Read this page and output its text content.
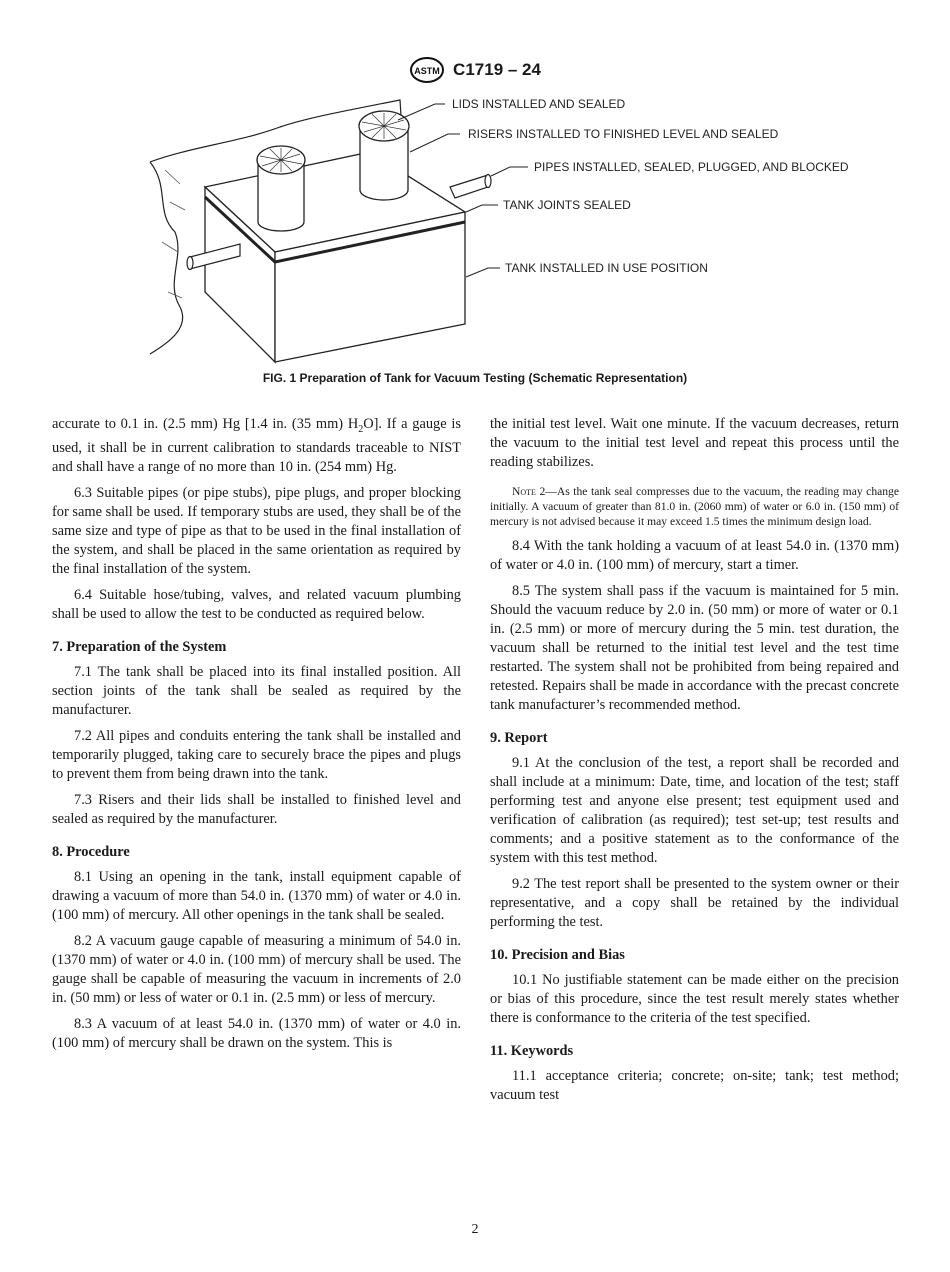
ASTM C1719 – 24
LIDS INSTALLED AND SEALED
RISERS INSTALLED TO FINISHED LEVEL AND SEALED
PIPES INSTALLED, SEALED, PLUGGED, AND BLOCKED
TANK JOINTS SEALED
TANK INSTALLED IN USE POSITION
FIG. 1 Preparation of Tank for Vacuum Testing (Schematic Representation)

accurate to 0.1 in. (2.5 mm) Hg [1.4 in. (35 mm) $H_2O$]. If a gauge is used, it shall be in current calibration to standards traceable to NIST and shall have a range of no more than 10 in. (254 mm) Hg.

6.3 Suitable pipes (or pipe stubs), pipe plugs, and proper blocking for same shall be used. If temporary stubs are used, they shall be of the same size and type of pipe as that to be used in the final installation of the system, and shall be placed in the same orientation as required by the final installation of the system.

6.4 Suitable hose/tubing, valves, and related vacuum plumbing shall be used to allow the test to be conducted as required below.

7. Preparation of the System

7.1 The tank shall be placed into its final installed position. All section joints of the tank shall be sealed as required by the manufacturer.

7.2 All pipes and conduits entering the tank shall be installed and temporarily plugged, taking care to securely brace the pipes and plugs to prevent them from being drawn into the tank.

7.3 Risers and their lids shall be installed to finished level and sealed as required by the manufacturer.

8. Procedure

8.1 Using an opening in the tank, install equipment capable of drawing a vacuum of more than 54.0 in. (1370 mm) of water or 4.0 in. (100 mm) of mercury. All other openings in the tank shall be sealed.

8.2 A vacuum gauge capable of measuring a minimum of 54.0 in. (1370 mm) of water or 4.0 in. (100 mm) of mercury shall be used. The gauge shall be capable of measuring the vacuum in increments of 2.0 in. (50 mm) or less of water or 0.1 in. (2.5 mm) or less of mercury.

8.3 A vacuum of at least 54.0 in. (1370 mm) of water or 4.0 in. (100 mm) of mercury shall be drawn on the system. This is

the initial test level. Wait one minute. If the vacuum decreases, return the vacuum to the initial test level and repeat this process until the reading stabilizes.

Note 2—As the tank seal compresses due to the vacuum, the reading may change initially. A vacuum of greater than 81.0 in. (2060 mm) of water or 6.0 in. (150 mm) of mercury is not advised because it may exceed 1.5 times the minimum design load.

8.4 With the tank holding a vacuum of at least 54.0 in. (1370 mm) of water or 4.0 in. (100 mm) of mercury, start a timer.

8.5 The system shall pass if the vacuum is maintained for 5 min. Should the vacuum reduce by 2.0 in. (50 mm) or more of water or 0.1 in. (2.5 mm) or more of mercury during the 5 min. test duration, the vacuum shall be returned to the initial test level and the test time restarted. The system shall not be prohibited from being repaired and retested. Repairs shall be made in accordance with the precast concrete tank manufacturer’s recommended method.

9. Report

9.1 At the conclusion of the test, a report shall be recorded and shall include at a minimum: Date, time, and location of the test; staff performing test and anyone else present; test equipment used and verification of calibration (as required); test set-up; test results and comments; and a positive statement as to the conformance of the system with this test method.

9.2 The test report shall be presented to the system owner or their representative, and a copy shall be retained by the individual performing the test.

10. Precision and Bias

10.1 No justifiable statement can be made either on the precision or bias of this procedure, since the test result merely states whether there is conformance to the criteria of the test specified.

11. Keywords

11.1 acceptance criteria; concrete; on-site; tank; test method; vacuum test

2
